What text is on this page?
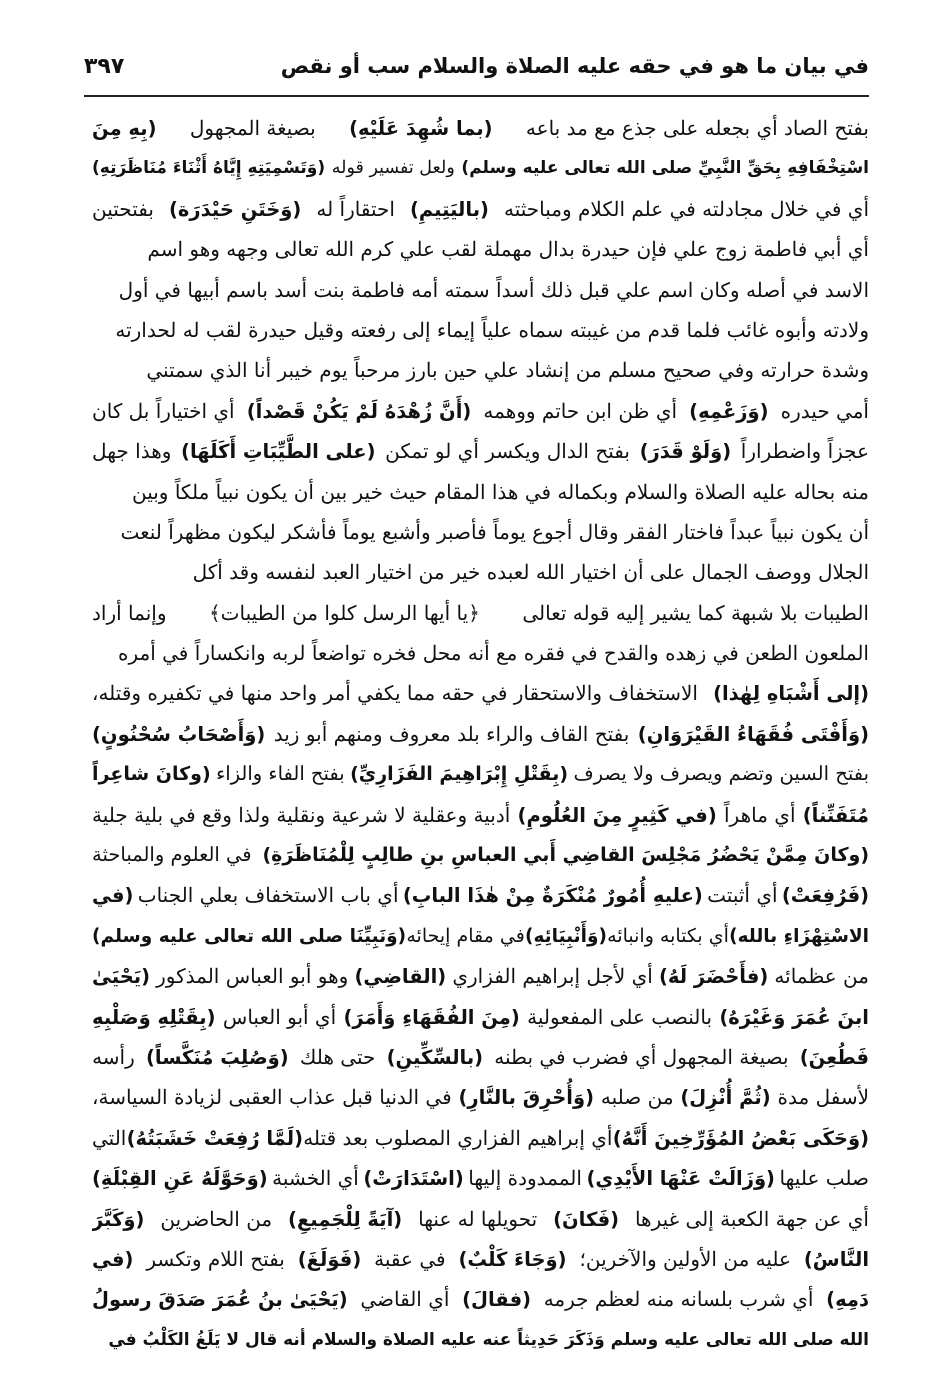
في بيان ما هو في حقه عليه الصلاة والسلام سب أو نقص
٣٩٧
بفتح الصاد أي بجعله على جذع مع مد باعه
(بما شُهِدَ عَلَيْهِ)
بصيغة المجهول
(بِهِ مِنَ
اسْتِخْفَافِهِ بِحَقِّ النَّبِيِّ صلى الله تعالى عليه وسلم)
ولعل تفسير قوله
(وَتَسْمِيَتِهِ إِيَّاهُ أَثْنَاءَ مُنَاظَرَتِهِ)
أي في خلال مجادلته في علم الكلام ومباحثته
(باليَتِيمِ)
احتقاراً له
(وَخَتَنِ حَيْدَرَة)
بفتحتين
أي أبي فاطمة زوج علي فإن حيدرة بدال مهملة لقب علي كرم الله تعالى وجهه وهو اسم
الاسد في أصله وكان اسم علي قبل ذلك أسداً سمته أمه فاطمة بنت أسد باسم أبيها في أول
ولادته وأبوه غائب فلما قدم من غيبته سماه علياً إيماء إلى رفعته وقيل حيدرة لقب له لحدارته
وشدة حرارته وفي صحيح مسلم من إنشاد علي حين بارز مرحباً يوم خيبر أنا الذي سمتني
أمي حيدره
(وَزَعْمِهِ)
أي ظن ابن حاتم ووهمه
(أَنَّ زُهْدَهُ لَمْ يَكُنْ قَصْداً)
أي اختياراً بل كان
عجزاً واضطراراً
(وَلَوْ قَدَرَ)
بفتح الدال ويكسر أي لو تمكن
(على الطَّيِّبَاتِ أَكَلَهَا)
وهذا جهل
منه بحاله عليه الصلاة والسلام وبكماله في هذا المقام حيث خير بين أن يكون نبياً ملكاً وبين
أن يكون نبياً عبداً فاختار الفقر وقال أجوع يوماً فأصبر وأشبع يوماً فأشكر ليكون مظهراً لنعت
الجلال ووصف الجمال على أن اختيار الله لعبده خير من اختيار العبد لنفسه وقد أكل
الطيبات بلا شبهة كما يشير إليه قوله تعالى
﴿يا أيها الرسل كلوا من الطيبات﴾
وإنما أراد
الملعون الطعن في زهده والقدح في فقره مع أنه محل فخره تواضعاً لربه وانكساراً في أمره
(إلى أَشْبَاهِ لِهٰذا)
الاستخفاف والاستحقار في حقه مما يكفي أمر واحد منها في تكفيره وقتله،
(وَأَفْتَى فُقَهَاءُ القَيْرَوَانِ)
بفتح القاف والراء بلد معروف ومنهم أبو زيد
(وَأَصْحَابُ سُحْنُونٍ)
بفتح السين وتضم ويصرف ولا يصرف
(بِقَتْلِ إِبْرَاهِيمَ الفَزَارِيِّ)
بفتح الفاء والزاء
(وكانَ شاعِراً
مُتَفَنِّناً)
أي ماهراً
(في كَثِيرٍ مِنَ العُلُومِ)
أدبية وعقلية لا شرعية ونقلية ولذا وقع في بلية جلية
(وكانَ مِمَّنْ يَحْضُرُ مَجْلِسَ القاضِي أَبي العباسِ بنِ طالِبٍ لِلْمُنَاظَرَةِ)
في العلوم والمباحثة
(فَرُفِعَتْ)
أي أثبتت
(عليهِ أُمُورٌ مُنْكَرَةٌ مِنْ هٰذَا البابِ)
أي باب الاستخفاف بعلي الجناب
(في
الاسْتِهْزَاءِ بالله)
أي بكتابه وانبائه
(وَأَنْبِيَائِهِ)
في مقام إيحائه
(وَنَبِيِّنَا صلى الله تعالى عليه وسلم)
من عظمائه
(فأَحْضَرَ لَهُ)
أي لأجل إبراهيم الفزاري
(القاضِي)
وهو أبو العباس المذكور
(يَحْيَىٰ
ابنَ عُمَرَ وَغَيْرَهُ)
بالنصب على المفعولية
(مِنَ الفُقَهَاءِ وَأَمَرَ)
أي أبو العباس
(بِقَتْلِهِ وَصَلْبِهِ
فَطُعِنَ)
بصيغة المجهول أي فضرب في بطنه
(بالسِّكِّينِ)
حتى هلك
(وَصُلِبَ مُنَكَّساً)
رأسه
لأسفل مدة
(ثُمَّ أُنْزِلَ)
من صلبه
(وَأُحْرِقَ بالنَّارِ)
في الدنيا قبل عذاب العقبى لزيادة السياسة،
(وَحَكَى بَعْضُ المُؤَرِّخِينَ أَنَّهُ)
أي إبراهيم الفزاري المصلوب بعد قتله
(لَمَّا رُفِعَتْ خَشَبَتُهُ)
التي
صلب عليها
(وَزَالَتْ عَنْهَا الأَيْدِي)
الممدودة إليها
(اسْتَدَارَتْ)
أي الخشبة
(وَحَوَّلَهُ عَنِ القِبْلَةِ)
أي عن جهة الكعبة إلى غيرها
(فَكانَ)
تحويلها له عنها
(آيَةً لِلْجَمِيعِ)
من الحاضرين
(وَكَبَّرَ
النَّاسُ)
عليه من الأولين والآخرين؛
(وَجَاءَ كَلْبٌ)
في عقبة
(فَوَلَغَ)
بفتح اللام وتكسر
(في
دَمِهِ)
أي شرب بلسانه منه لعظم جرمه
(فقالَ)
أي القاضي
(يَحْيَىٰ بنُ عُمَرَ صَدَقَ رسولُ
الله صلى الله تعالى عليه وسلم وَذَكَرَ حَدِيثاً عنه عليه الصلاة والسلام أنه قال لا يَلَغُ الكَلْبُ في
